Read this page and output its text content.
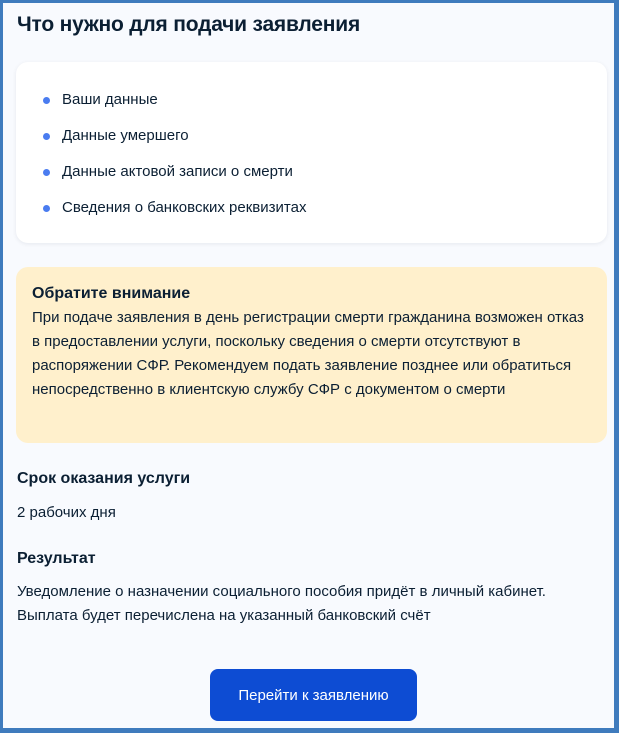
Что нужно для подачи заявления
Ваши данные
Данные умершего
Данные актовой записи о смерти
Сведения о банковских реквизитах
Обратите внимание
При подаче заявления в день регистрации смерти гражданина возможен отказ в предоставлении услуги, поскольку сведения о смерти отсутствуют в распоряжении СФР. Рекомендуем подать заявление позднее или обратиться непосредственно в клиентскую службу СФР с документом о смерти
Срок оказания услуги
2 рабочих дня
Результат
Уведомление о назначении социального пособия придёт в личный кабинет.
Выплата будет перечислена на указанный банковский счёт
Перейти к заявлению
